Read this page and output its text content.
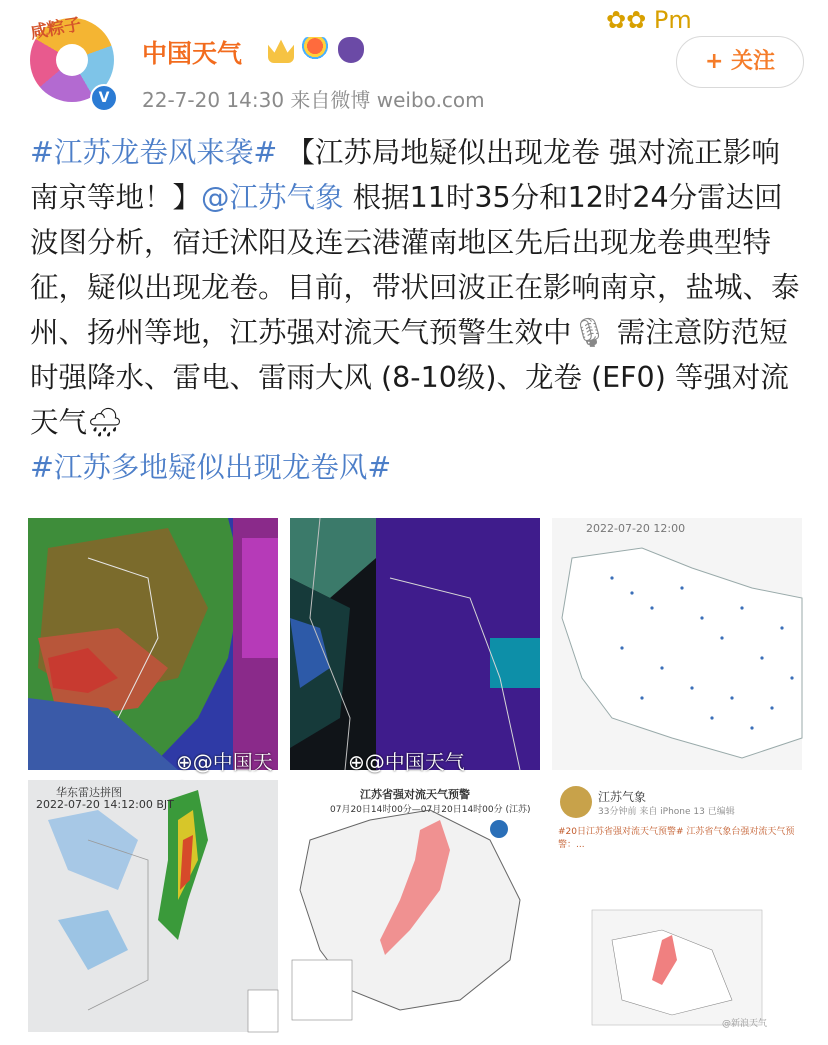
咸粽子
V
中国天气
22-7-20 14:30 来自微博 weibo.com
✿✿ Pm
+ 关注
#江苏龙卷风来袭# 【江苏局地疑似出现龙卷 强对流正影响南京等地！】@江苏气象 根据11时35分和12时24分雷达回波图分析，宿迁沭阳及连云港灌南地区先后出现龙卷典型特征，疑似出现龙卷。目前，带状回波正在影响南京，盐城、泰州、扬州等地，江苏强对流天气预警生效中🎙 需注意防范短时强降水、雷电、雷雨大风 (8-10级)、龙卷 (EF0) 等强对流天气🌧
#江苏多地疑似出现龙卷风#
⊕@中国天	⊕@中国天气
2022-07-20 12:00
华东雷达拼图
2022-07-20 14:12:00 BJT
江苏省强对流天气预警
07月20日14时00分—07月20日14时00分 (江苏)
江苏气象
33分钟前 来自 iPhone 13 已编辑
#20日江苏省强对流天气预警# 江苏省气象台强对流天气预警：...
@新浪天气
